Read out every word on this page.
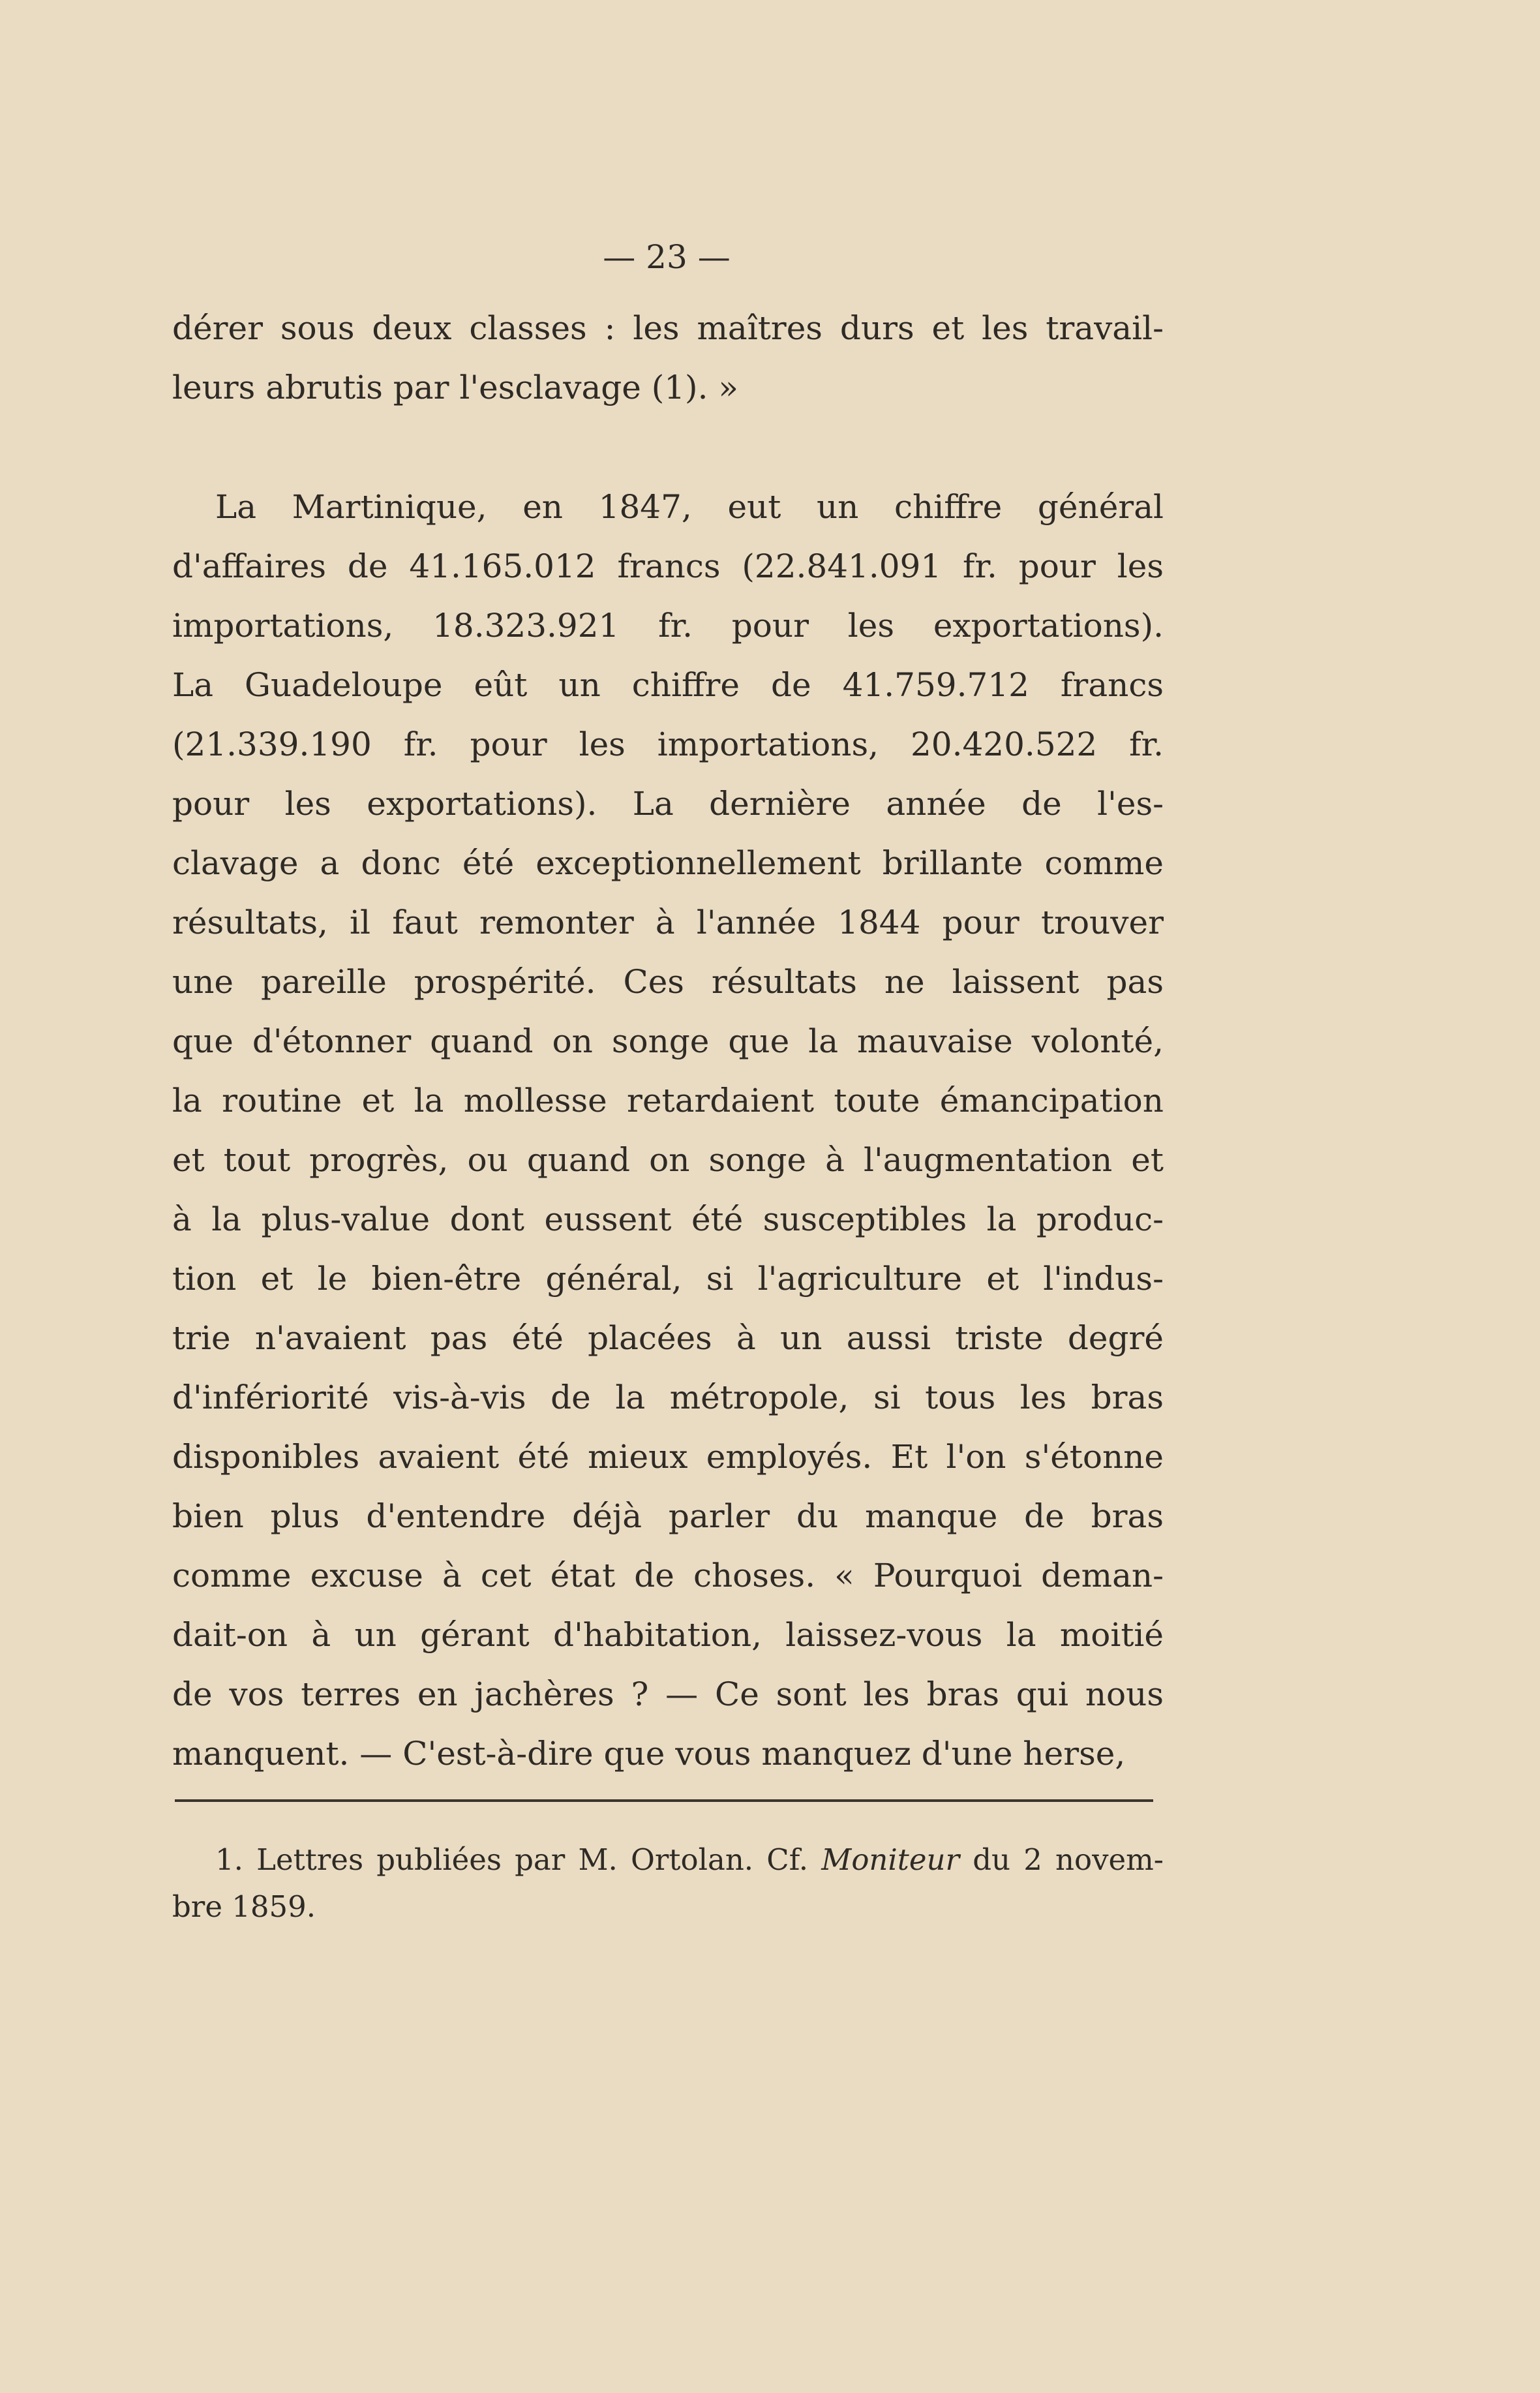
— 23 —
dérer sous deux classes : les maîtres durs et les travail-
leurs abrutis par l'esclavage (1). »
La Martinique, en 1847, eut un chiffre général
d'affaires de 41.165.012 francs (22.841.091 fr. pour les
importations, 18.323.921 fr. pour les exportations).
La Guadeloupe eût un chiffre de 41.759.712 francs
(21.339.190 fr. pour les importations, 20.420.522 fr.
pour les exportations). La dernière année de l'es-
clavage a donc été exceptionnellement brillante comme
résultats, il faut remonter à l'année 1844 pour trouver
une pareille prospérité. Ces résultats ne laissent pas
que d'étonner quand on songe que la mauvaise volonté,
la routine et la mollesse retardaient toute émancipation
et tout progrès, ou quand on songe à l'augmentation et
à la plus-value dont eussent été susceptibles la produc-
tion et le bien-être général, si l'agriculture et l'indus-
trie n'avaient pas été placées à un aussi triste degré
d'infériorité vis-à-vis de la métropole, si tous les bras
disponibles avaient été mieux employés. Et l'on s'étonne
bien plus d'entendre déjà parler du manque de bras
comme excuse à cet état de choses. « Pourquoi deman-
dait-on à un gérant d'habitation, laissez-vous la moitié
de vos terres en jachères ? — Ce sont les bras qui nous
manquent. — C'est-à-dire que vous manquez d'une herse,
1. Lettres publiées par M. Ortolan. Cf. Moniteur du 2 novem-
bre 1859.
